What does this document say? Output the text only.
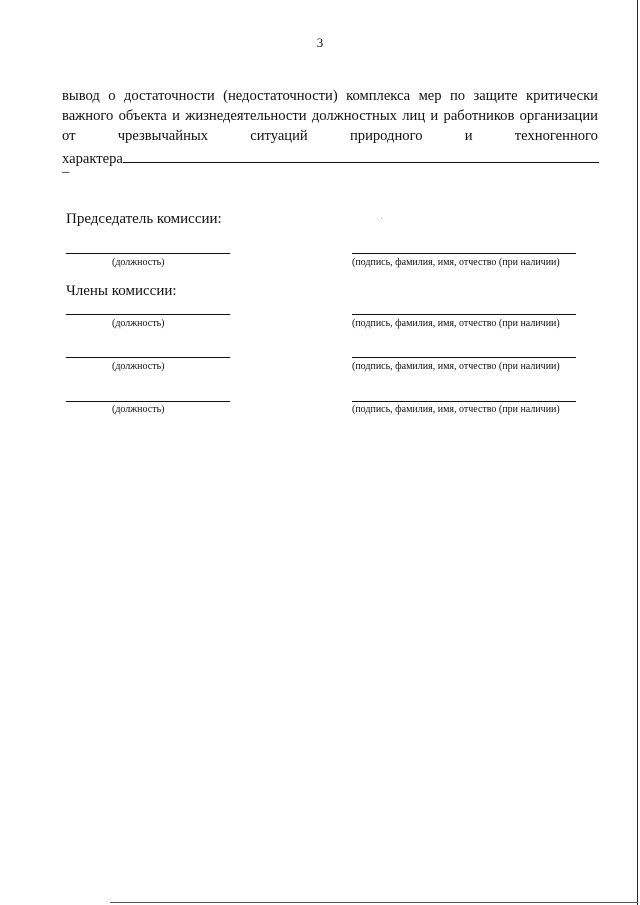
3
вывод о достаточности (недостаточности) комплекса мер по защите критически
важного объекта и жизнедеятельности должностных лиц и работников организации
от	чрезвычайных	ситуаций	природного	и	техногенного
характера
–
Председатель комиссии:
(должность)	(подпись, фамилия, имя, отчество (при наличии)
Члены комиссии:
(должность)	(подпись, фамилия, имя, отчество (при наличии)
(должность)	(подпись, фамилия, имя, отчество (при наличии)
(должность)	(подпись, фамилия, имя, отчество (при наличии)
